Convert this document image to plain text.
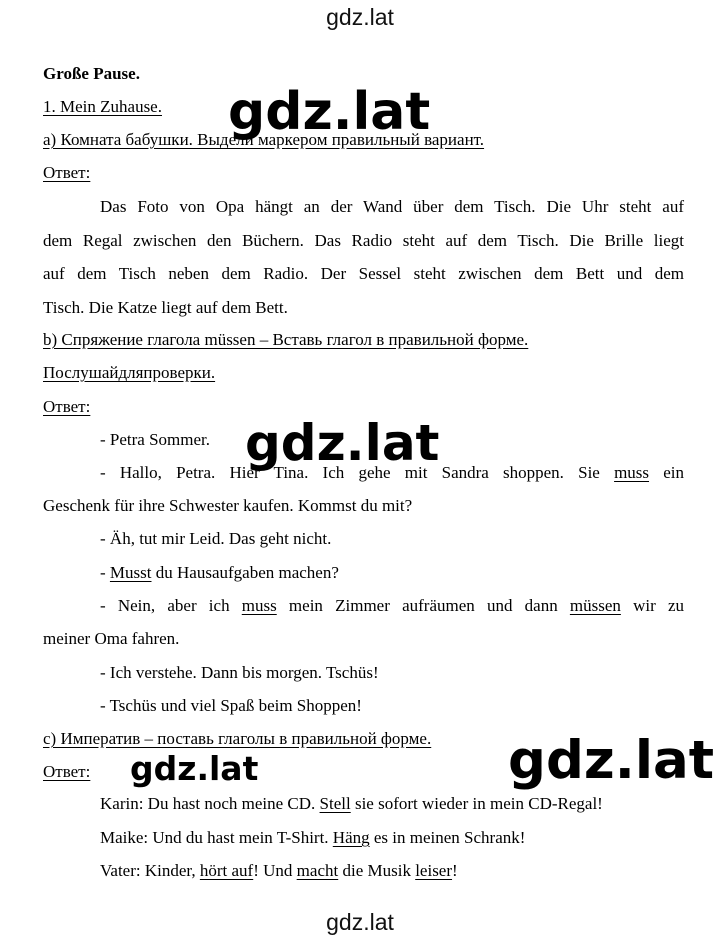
gdz.lat
Große Pause.
1. Mein Zuhause.
а) Комната бабушки. Выдели маркером правильный вариант.
Ответ:
Das Foto von Opa hängt an der Wand über dem Tisch. Die Uhr steht auf
dem Regal zwischen den Büchern. Das Radio steht auf dem Tisch. Die Brille liegt
auf dem Tisch neben dem Radio. Der Sessel steht zwischen dem Bett und dem
Tisch. Die Katze liegt auf dem Bett.
b) Спряжение глагола müssen – Вставь глагол в правильной форме.
Послушайдляпроверки.
Ответ:
- Petra Sommer.
- Hallo, Petra. Hier Tina. Ich gehe mit Sandra shoppen. Sie muss ein
Geschenk für ihre Schwester kaufen. Kommst du mit?
- Äh, tut mir Leid. Das geht nicht.
- Musst du Hausaufgaben machen?
- Nein, aber ich muss mein Zimmer aufräumen und dann müssen wir zu
meiner Oma fahren.
- Ich verstehe. Dann bis morgen. Tschüs!
- Tschüs und viel Spaß beim Shoppen!
с) Императив – поставь глаголы в правильной форме.
Ответ:
Karin: Du hast noch meine CD. Stell sie sofort wieder in mein CD-Regal!
Maike: Und du hast mein T-Shirt. Häng es in meinen Schrank!
Vater: Kinder, hört auf! Und macht die Musik leiser!
gdz.lat
gdz.lat
gdz.lat	gdz.lat
gdz.lat
